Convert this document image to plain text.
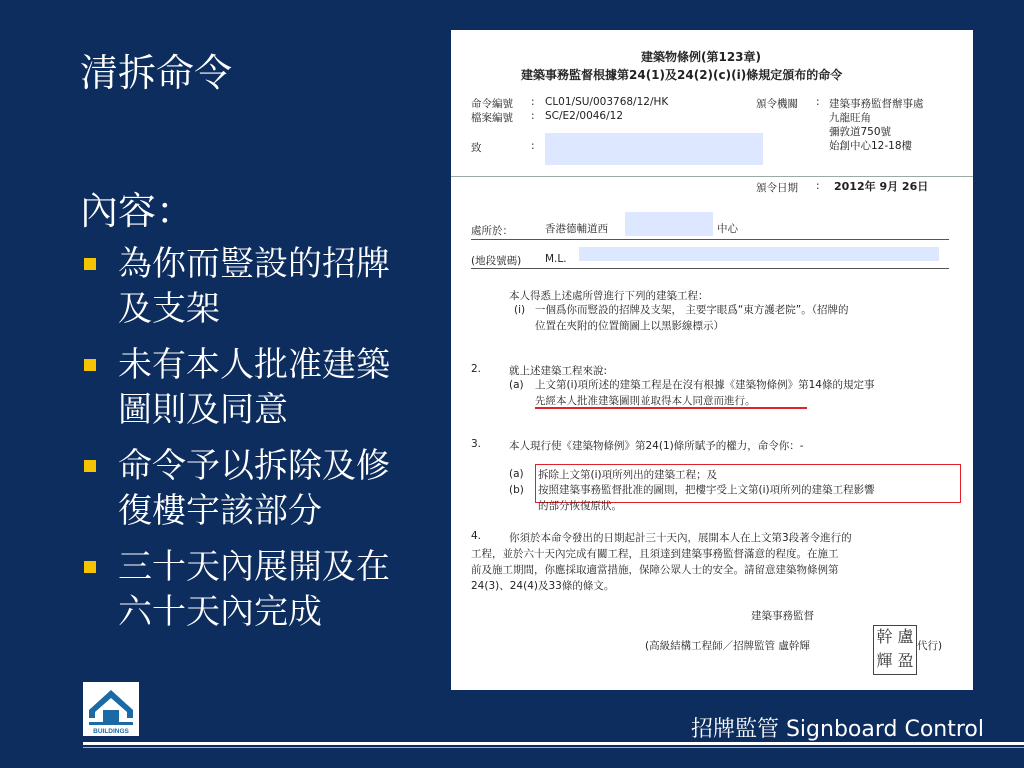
清拆命令
內容：
為你而豎設的招牌及支架
未有本人批准建築圖則及同意
命令予以拆除及修復樓宇該部分
三十天內展開及在六十天內完成
建築物條例(第123章)
建築事務監督根據第24(1)及24(2)(c)(i)條規定頒布的命令
命令編號 : CL01/SU/003768/12/HK
檔案編號 : SC/E2/0046/12
致	:
頒令機關 : 建築事務監督辦事處
九龍旺角
彌敦道750號
始創中心12-18樓
頒令日期 : 2012年 9月 26日
處所於：	香港德輔道西	中心
(地段號碼) M.L.
本人得悉上述處所曾進行下列的建築工程：
(i) 一個爲你而豎設的招牌及支架， 主要字眼爲“東方護老院”。（招牌的
位置在夾附的位置簡圖上以黑影線標示）
2.	就上述建築工程來說:
(a) 上文第(i)項所述的建築工程是在沒有根據《建築物條例》第14條的規定事
先經本人批准建築圖則並取得本人同意而進行。
3.	本人現行使《建築物條例》第24(1)條所賦予的權力，命令你：-
(a) 拆除上文第(i)項所列出的建築工程；及
(b) 按照建築事務監督批准的圖則，把樓宇受上文第(i)項所列的建築工程影響
的部分恢復原狀。
4.	你須於本命令發出的日期起計三十天內，展開本人在上文第3段著令進行的
工程，並於六十天內完成有關工程，且須達到建築事務監督滿意的程度。在施工
前及施工期間，你應採取適當措施，保障公眾人士的安全。請留意建築物條例第
24(3)、24(4)及33條的條文。
建築事務監督
(高級結構工程師／招牌監管 盧幹輝	幹 盧
輝 盈
代行)
BUILDINGS	招牌監管 Signboard Control
